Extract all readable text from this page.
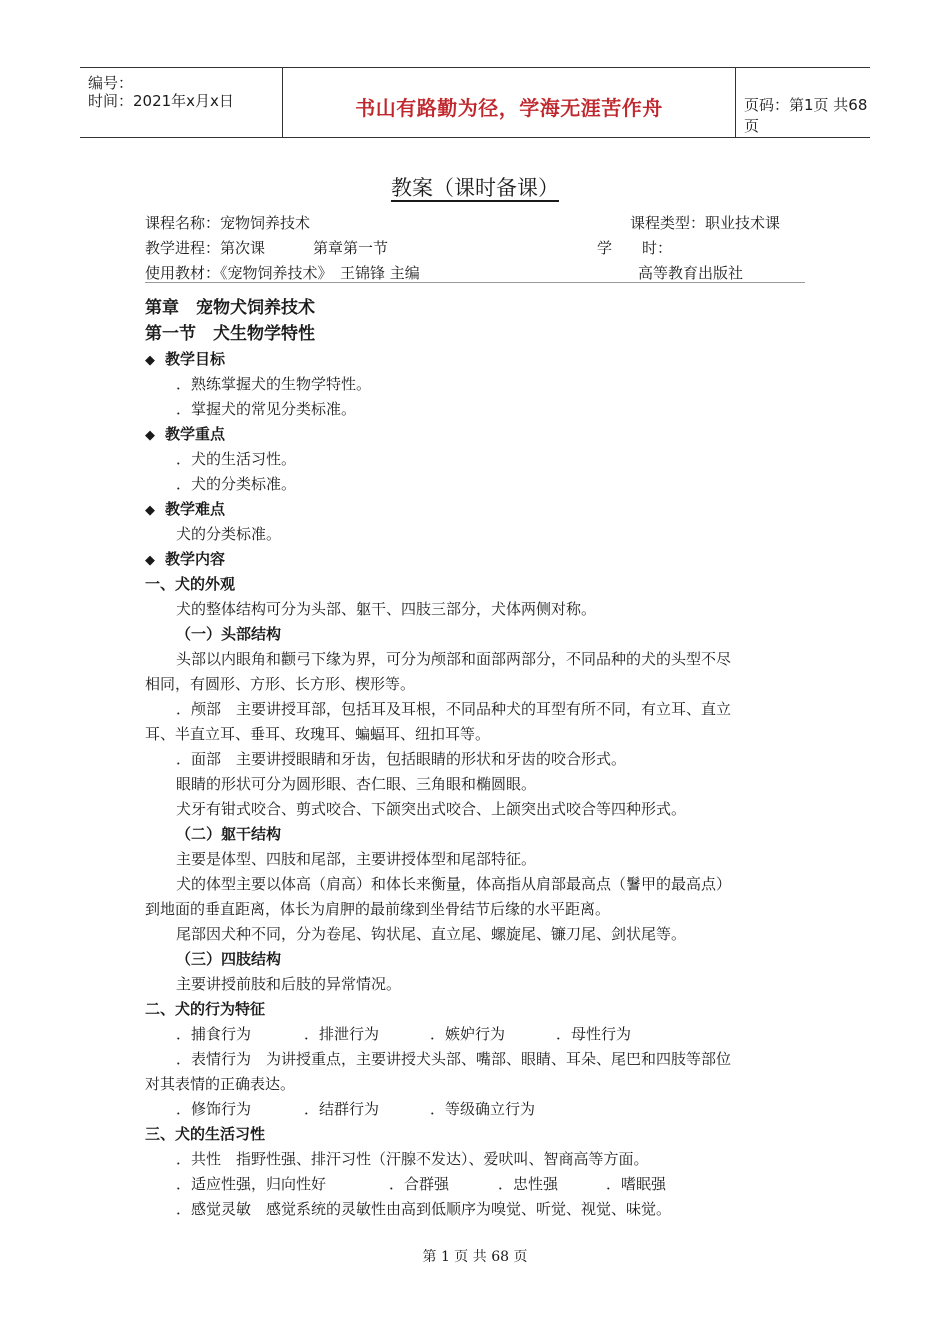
编号：
时间：2021年x月x日	书山有路勤为径，学海无涯苦作舟	页码：第1页 共68页
教案（课时备课）
课程名称：宠物饲养技术	课程类型：职业技术课
教学进程：第次课	第章第一节	学　　时：
使用教材：《宠物饲养技术》　王锦锋 主编	高等教育出版社
第章　宠物犬饲养技术
第一节　犬生物学特性
◆ 教学目标
．熟练掌握犬的生物学特性。
．掌握犬的常见分类标准。
◆ 教学重点
．犬的生活习性。
．犬的分类标准。
◆ 教学难点
犬的分类标准。
◆ 教学内容
一、犬的外观
犬的整体结构可分为头部、躯干、四肢三部分，犬体两侧对称。
（一）头部结构
头部以内眼角和颧弓下缘为界，可分为颅部和面部两部分，不同品种的犬的头型不尽
相同，有圆形、方形、长方形、楔形等。
．颅部　主要讲授耳部，包括耳及耳根，不同品种犬的耳型有所不同，有立耳、直立
耳、半直立耳、垂耳、玫瑰耳、蝙蝠耳、纽扣耳等。
．面部　主要讲授眼睛和牙齿，包括眼睛的形状和牙齿的咬合形式。
眼睛的形状可分为圆形眼、杏仁眼、三角眼和椭圆眼。
犬牙有钳式咬合、剪式咬合、下颌突出式咬合、上颌突出式咬合等四种形式。
（二）躯干结构
主要是体型、四肢和尾部，主要讲授体型和尾部特征。
犬的体型主要以体高（肩高）和体长来衡量，体高指从肩部最高点（鬐甲的最高点）
到地面的垂直距离，体长为肩胛的最前缘到坐骨结节后缘的水平距离。
尾部因犬种不同，分为卷尾、钩状尾、直立尾、螺旋尾、镰刀尾、剑状尾等。
（三）四肢结构
主要讲授前肢和后肢的异常情况。
二、犬的行为特征
．捕食行为	．排泄行为	．嫉妒行为	．母性行为
．表情行为　为讲授重点，主要讲授犬头部、嘴部、眼睛、耳朵、尾巴和四肢等部位
对其表情的正确表达。
．修饰行为	．结群行为	．等级确立行为
三、犬的生活习性
．共性　指野性强、排汗习性（汗腺不发达）、爱吠叫、智商高等方面。
．适应性强，归向性好	．合群强	．忠性强	．嗜眠强
．感觉灵敏　感觉系统的灵敏性由高到低顺序为嗅觉、听觉、视觉、味觉。
第 1 页 共 68 页
